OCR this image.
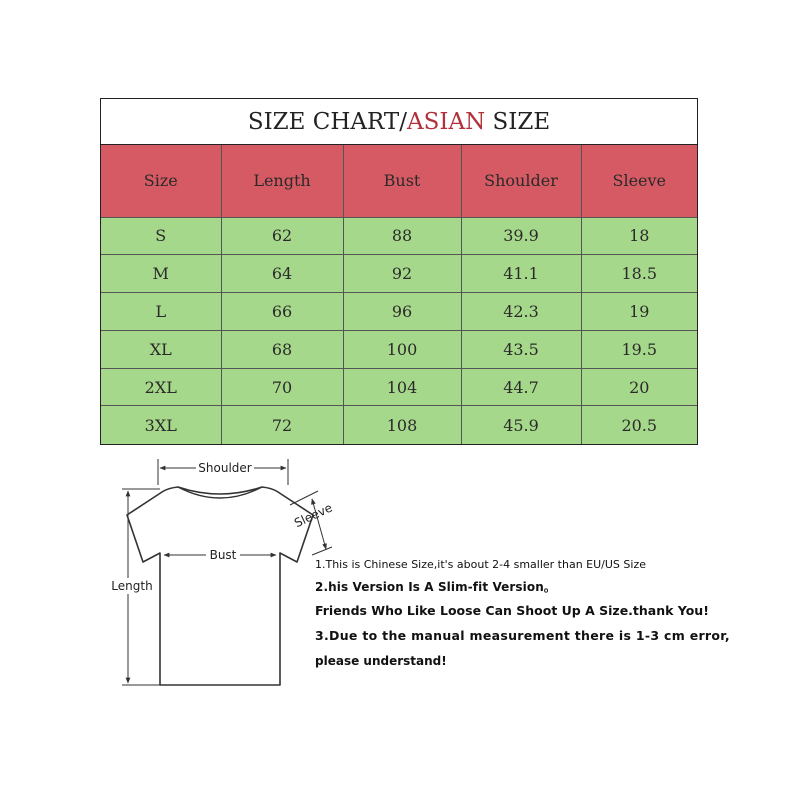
SIZE CHART/ ASIAN SIZE
Size	Length	Bust	Shoulder	Sleeve
S	62	88	39.9	18
M	64	92	41.1	18.5
L	66	96	42.3	19
XL	68	100	43.5	19.5
2XL	70	104	44.7	20
3XL	72	108	45.9	20.5
Shoulder
Sleeve
Bust
Length

1.This is Chinese Size,it's about 2-4 smaller than EU/US Size

2.his Version Is A Slim-fit Version。

Friends Who Like Loose Can Shoot Up A Size.thank You!

3.Due to the manual measurement there is 1-3 cm error,

please understand!
